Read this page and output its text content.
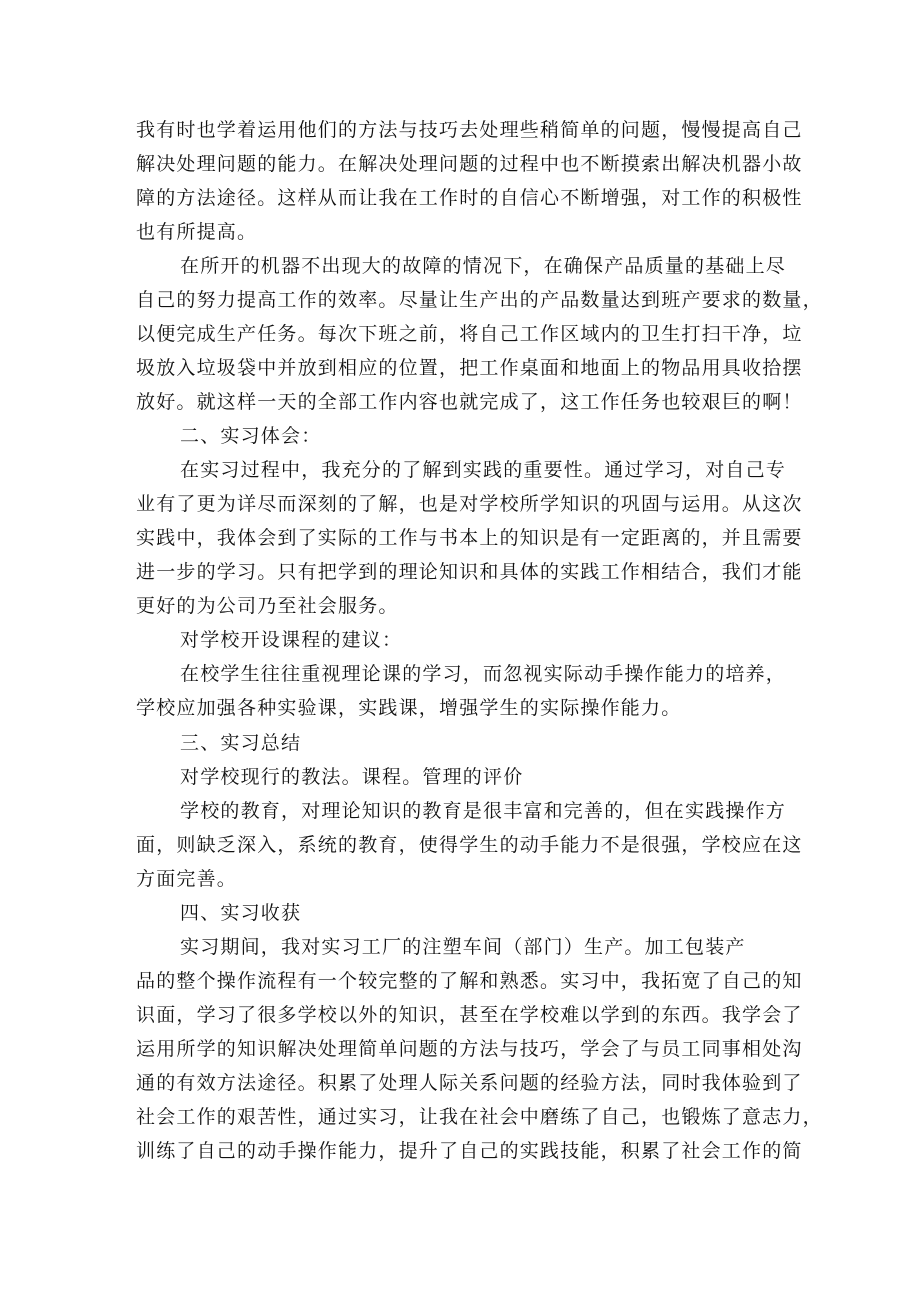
我有时也学着运用他们的方法与技巧去处理些稍简单的问题，慢慢提高自己
解决处理问题的能力。在解决处理问题的过程中也不断摸索出解决机器小故
障的方法途径。这样从而让我在工作时的自信心不断增强，对工作的积极性
也有所提高。
在所开的机器不出现大的故障的情况下，在确保产品质量的基础上尽
自己的努力提高工作的效率。尽量让生产出的产品数量达到班产要求的数量，
以便完成生产任务。每次下班之前，将自己工作区域内的卫生打扫干净，垃
圾放入垃圾袋中并放到相应的位置，把工作桌面和地面上的物品用具收拾摆
放好。就这样一天的全部工作内容也就完成了，这工作任务也较艰巨的啊！
二、实习体会：
在实习过程中，我充分的了解到实践的重要性。通过学习，对自己专
业有了更为详尽而深刻的了解，也是对学校所学知识的巩固与运用。从这次
实践中，我体会到了实际的工作与书本上的知识是有一定距离的，并且需要
进一步的学习。只有把学到的理论知识和具体的实践工作相结合，我们才能
更好的为公司乃至社会服务。
对学校开设课程的建议：
在校学生往往重视理论课的学习，而忽视实际动手操作能力的培养，
学校应加强各种实验课，实践课，增强学生的实际操作能力。
三、实习总结
对学校现行的教法。课程。管理的评价
学校的教育，对理论知识的教育是很丰富和完善的，但在实践操作方
面，则缺乏深入，系统的教育，使得学生的动手能力不是很强，学校应在这
方面完善。
四、实习收获
实习期间，我对实习工厂的注塑车间（部门）生产。加工包装产
品的整个操作流程有一个较完整的了解和熟悉。实习中，我拓宽了自己的知
识面，学习了很多学校以外的知识，甚至在学校难以学到的东西。我学会了
运用所学的知识解决处理简单问题的方法与技巧，学会了与员工同事相处沟
通的有效方法途径。积累了处理人际关系问题的经验方法，同时我体验到了
社会工作的艰苦性，通过实习，让我在社会中磨练了自己，也锻炼了意志力，
训练了自己的动手操作能力，提升了自己的实践技能，积累了社会工作的简
